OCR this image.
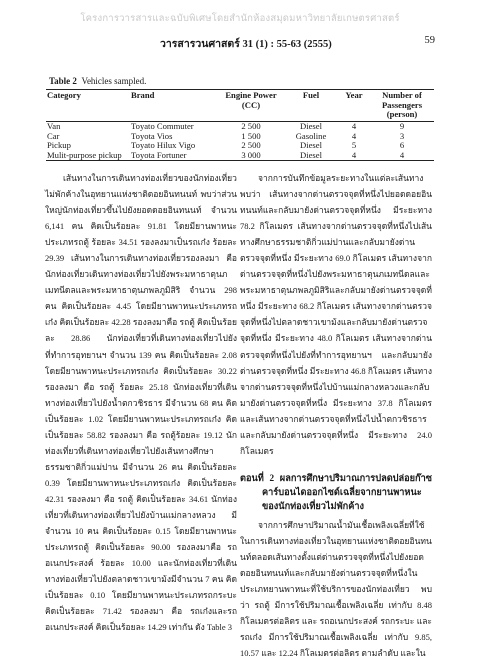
โครงการวารสารและฉบับพิเศษโดยสำนักห้องสมุดมหาวิทยาลัยเกษตรศาสตร์
วารสารวนศาสตร์ 31 (1) : 55-63 (2555)	59
Table 2 Vehicles sampled.
Category	Brand	Engine Power (CC)	Fuel	Year	Number of Passengers (person)
Van	Toyato Commuter	2 500	Diesel	4	9
Car	Toyota Vios	1 500	Gasoline	4	3
Pickup	Toyato Hilux Vigo	2 500	Diesel	5	6
Mulit-purpose pickup	Toyota Fortuner	3 000	Diesel	4	4

เส้นทางในการเดินทางท่องเที่ยวของนักท่องเที่ยวไม่พักค้างในอุทยานแห่งชาติดอยอินทนนท์ พบว่าส่วนใหญ่นักท่องเที่ยวขึ้นไปยังยอดดอยอินทนนท์ จำนวน 6,141 คน คิดเป็นร้อยละ 91.81 โดยมียานพาหนะประเภทรถตู้ ร้อยละ 34.51 รองลงมาเป็นรถเก๋ง ร้อยละ 29.39 เส้นทางในการเดินทางท่องเที่ยวรองลงมา คือ นักท่องเที่ยวเดินทางท่องเที่ยวไปยังพระมหาธาตุนภเมทนีดลและพระมหาธาตุนภพลภูมิสิริ จำนวน 298 คน คิดเป็นร้อยละ 4.45 โดยมียานพาหนะประเภทรถเก๋ง คิดเป็นร้อยละ 42.28 รองลงมาคือ รถตู้ คิดเป็นร้อยละ 28.86 นักท่องเที่ยวที่เดินทางท่องเที่ยวไปยังที่ทำการอุทยานฯ จำนวน 139 คน คิดเป็นร้อยละ 2.08 โดยมียานพาหนะประเภทรถเก๋ง คิดเป็นร้อยละ 30.22 รองลงมา คือ รถตู้ ร้อยละ 25.18 นักท่องเที่ยวที่เดินทางท่องเที่ยวไปยังน้ำตกวชิรธาร มีจำนวน 68 คน คิดเป็นร้อยละ 1.02 โดยมียานพาหนะประเภทรถเก๋ง คิดเป็นร้อยละ 58.82 รองลงมา คือ รถตู้ร้อยละ 19.12 นักท่องเที่ยวที่เดินทางท่องเที่ยวไปยังเส้นทางศึกษาธรรมชาติกิ่วแม่ปาน มีจำนวน 26 คน คิดเป็นร้อยละ 0.39 โดยมียานพาหนะประเภทรถเก๋ง คิดเป็นร้อยละ 42.31 รองลงมา คือ รถตู้ คิดเป็นร้อยละ 34.61 นักท่องเที่ยวที่เดินทางท่องเที่ยวไปยังบ้านแม่กลางหลวง มีจำนวน 10 คน คิดเป็นร้อยละ 0.15 โดยมียานพาหนะประเภทรถตู้ คิดเป็นร้อยละ 90.00 รองลงมาคือ รถอเนกประสงค์ ร้อยละ 10.00 และนักท่องเที่ยวที่เดินทางท่องเที่ยวไปยังตลาดชาวเขาม้งมีจำนวน 7 คน คิดเป็นร้อยละ 0.10 โดยมียานพาหนะประเภทรถกระบะ คิดเป็นร้อยละ 71.42 รองลงมา คือ รถเก๋งและรถอเนกประสงค์ คิดเป็นร้อยละ 14.29 เท่ากัน ดัง Table 3

จากการบันทึกข้อมูลระยะทางในแต่ละเส้นทาง พบว่า เส้นทางจากด่านตรวจจุดที่หนึ่งไปยอดดอยอินทนนท์และกลับมายังด่านตรวจจุดที่หนึ่ง มีระยะทาง 78.2 กิโลเมตร เส้นทางจากด่านตรวจจุดที่หนึ่งไปเส้นทางศึกษาธรรมชาติกิ่วแม่ปานและกลับมายังด่านตรวจจุดที่หนึ่ง มีระยะทาง 69.0 กิโลเมตร เส้นทางจากด่านตรวจจุดที่หนึ่งไปยังพระมหาธาตุนภเมทนีดลและพระมหาธาตุนภพลภูมิสิริและกลับมายังด่านตรวจจุดที่หนึ่ง มีระยะทาง 68.2 กิโลเมตร เส้นทางจากด่านตรวจจุดที่หนึ่งไปตลาดชาวเขาม้งและกลับมายังด่านตรวจจุดที่หนึ่ง มีระยะทาง 48.0 กิโลเมตร เส้นทางจากด่านตรวจจุดที่หนึ่งไปยังที่ทำการอุทยานฯ และกลับมายังด่านตรวจจุดที่หนึ่ง มีระยะทาง 46.8 กิโลเมตร เส้นทางจากด่านตรวจจุดที่หนึ่งไปบ้านแม่กลางหลวงและกลับมายังด่านตรวจจุดที่หนึ่ง มีระยะทาง 37.8 กิโลเมตร และเส้นทางจากด่านตรวจจุดที่หนึ่งไปน้ำตกวชิรธารและกลับมายังด่านตรวจจุดที่หนึ่ง มีระยะทาง 24.0 กิโลเมตร

ตอนที่ 2 ผลการศึกษาปริมาณการปลดปล่อยก๊าซคาร์บอนไดออกไซด์เฉลี่ยจากยานพาหนะของนักท่องเที่ยวไม่พักค้าง

จากการศึกษาปริมาณน้ำมันเชื้อเพลิงเฉลี่ยที่ใช้ในการเดินทางท่องเที่ยวในอุทยานแห่งชาติดอยอินทนนท์ตลอดเส้นทางตั้งแต่ด่านตรวจจุดที่หนึ่งไปยังยอดดอยอินทนนท์และกลับมายังด่านตรวจจุดที่หนึ่งในประเภทยานพาหนะที่ใช้บริการของนักท่องเที่ยว พบว่า รถตู้ มีการใช้ปริมาณเชื้อเพลิงเฉลี่ย เท่ากับ 8.48 กิโลเมตรต่อลิตร และ รถอเนกประสงค์ รถกระบะ และรถเก๋ง มีการใช้ปริมาณเชื้อเพลิงเฉลี่ย เท่ากับ 9.85, 10.57 และ 12.24 กิโลเมตรต่อลิตร ตามลำดับ และใน
